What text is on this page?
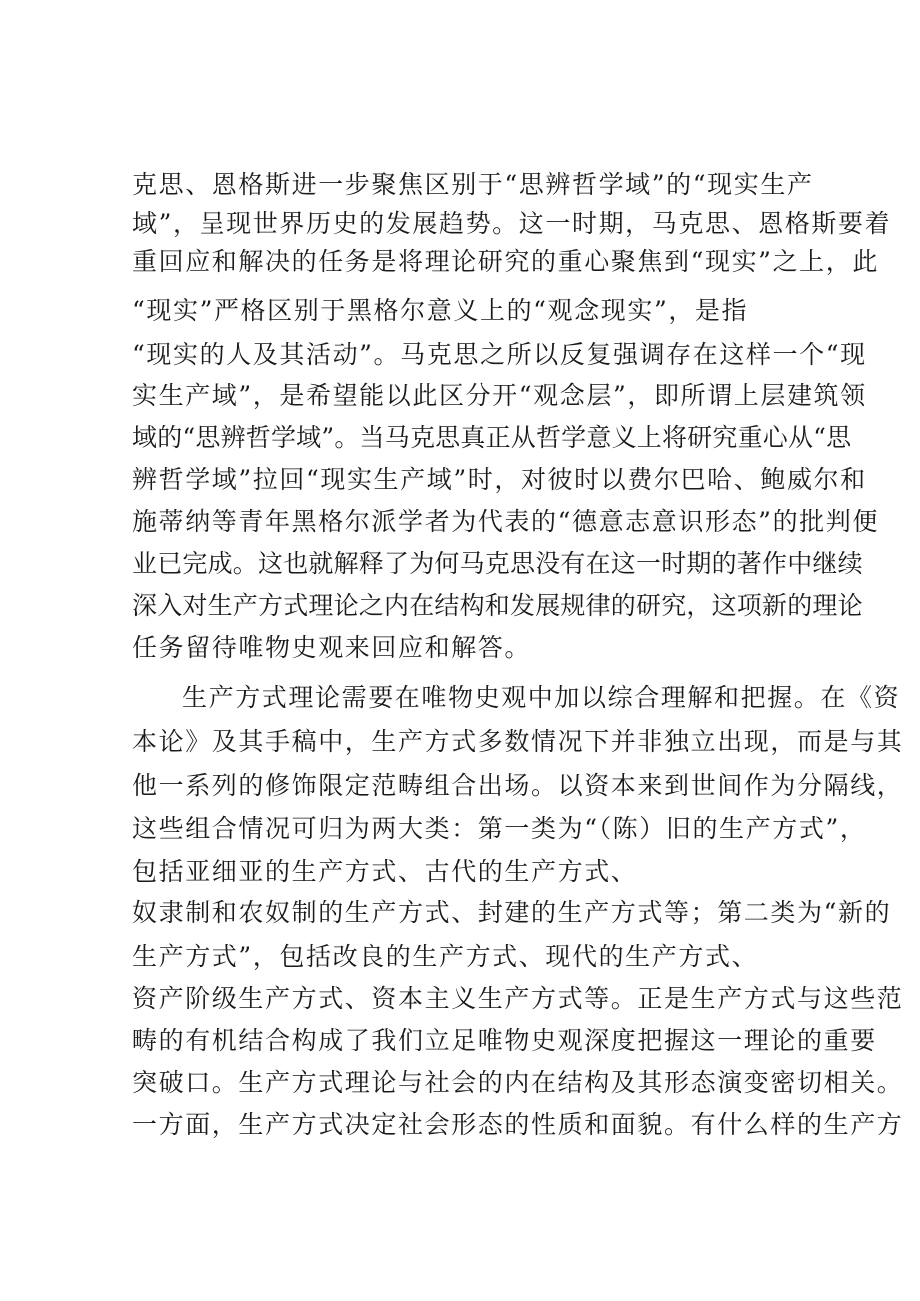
克思、恩格斯进一步聚焦区别于“思辨哲学域”的“现实生产
域”，呈现世界历史的发展趋势。这一时期，马克思、恩格斯要着
重回应和解决的任务是将理论研究的重心聚焦到“现实”之上，此
“现实”严格区别于黑格尔意义上的“观念现实”，是指
“现实的人及其活动”。马克思之所以反复强调存在这样一个“现
实生产域”，是希望能以此区分开“观念层”，即所谓上层建筑领
域的“思辨哲学域”。当马克思真正从哲学意义上将研究重心从“思
辨哲学域”拉回“现实生产域”时，对彼时以费尔巴哈、鲍威尔和
施蒂纳等青年黑格尔派学者为代表的“德意志意识形态”的批判便
业已完成。这也就解释了为何马克思没有在这一时期的著作中继续
深入对生产方式理论之内在结构和发展规律的研究，这项新的理论
任务留待唯物史观来回应和解答。
生产方式理论需要在唯物史观中加以综合理解和把握。在《资
本论》及其手稿中，生产方式多数情况下并非独立出现，而是与其
他一系列的修饰限定范畴组合出场。以资本来到世间作为分隔线，
这些组合情况可归为两大类：第一类为“（陈）旧的生产方式”，
包括亚细亚的生产方式、古代的生产方式、
奴隶制和农奴制的生产方式、封建的生产方式等；第二类为“新的
生产方式”，包括改良的生产方式、现代的生产方式、
资产阶级生产方式、资本主义生产方式等。正是生产方式与这些范
畴的有机结合构成了我们立足唯物史观深度把握这一理论的重要
突破口。生产方式理论与社会的内在结构及其形态演变密切相关。
一方面，生产方式决定社会形态的性质和面貌。有什么样的生产方
